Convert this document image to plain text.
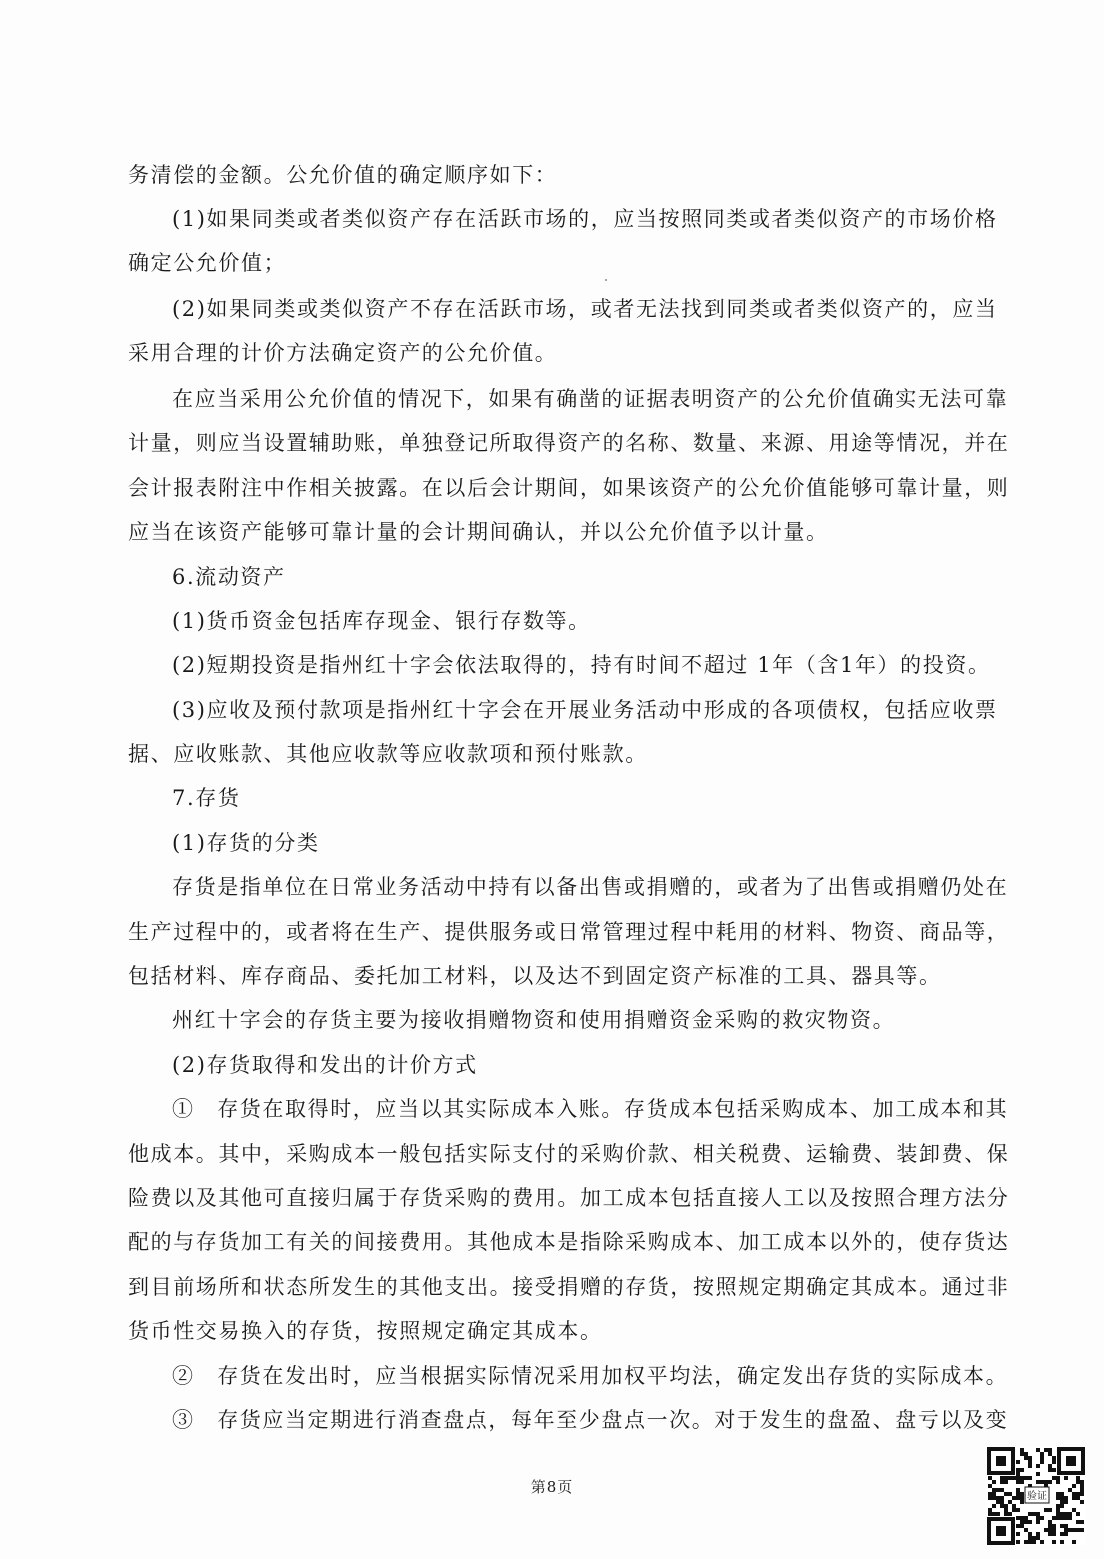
务清偿的金额。公允价值的确定顺序如下：
(1)如果同类或者类似资产存在活跃市场的，应当按照同类或者类似资产的市场价格
确定公允价值；
(2)如果同类或类似资产不存在活跃市场，或者无法找到同类或者类似资产的，应当
采用合理的计价方法确定资产的公允价值。
在应当采用公允价值的情况下，如果有确凿的证据表明资产的公允价值确实无法可靠
计量，则应当设置辅助账，单独登记所取得资产的名称、数量、来源、用途等情况，并在
会计报表附注中作相关披露。在以后会计期间，如果该资产的公允价值能够可靠计量，则
应当在该资产能够可靠计量的会计期间确认，并以公允价值予以计量。
6.流动资产
(1)货币资金包括库存现金、银行存数等。
(2)短期投资是指州红十字会依法取得的，持有时间不超过 1年（含1年）的投资。
(3)应收及预付款项是指州红十字会在开展业务活动中形成的各项债权，包括应收票
据、应收账款、其他应收款等应收款项和预付账款。
7.存货
(1)存货的分类
存货是指单位在日常业务活动中持有以备出售或捐赠的，或者为了出售或捐赠仍处在
生产过程中的，或者将在生产、提供服务或日常管理过程中耗用的材料、物资、商品等，
包括材料、库存商品、委托加工材料，以及达不到固定资产标准的工具、器具等。
州红十字会的存货主要为接收捐赠物资和使用捐赠资金采购的救灾物资。
(2)存货取得和发出的计价方式
①　存货在取得时，应当以其实际成本入账。存货成本包括采购成本、加工成本和其
他成本。其中，采购成本一般包括实际支付的采购价款、相关税费、运输费、装卸费、保
险费以及其他可直接归属于存货采购的费用。加工成本包括直接人工以及按照合理方法分
配的与存货加工有关的间接费用。其他成本是指除采购成本、加工成本以外的，使存货达
到目前场所和状态所发生的其他支出。接受捐赠的存货，按照规定期确定其成本。通过非
货币性交易换入的存货，按照规定确定其成本。
②　存货在发出时，应当根据实际情况采用加权平均法，确定发出存货的实际成本。
③　存货应当定期进行消查盘点，每年至少盘点一次。对于发生的盘盈、盘亏以及变
第8页
验证
